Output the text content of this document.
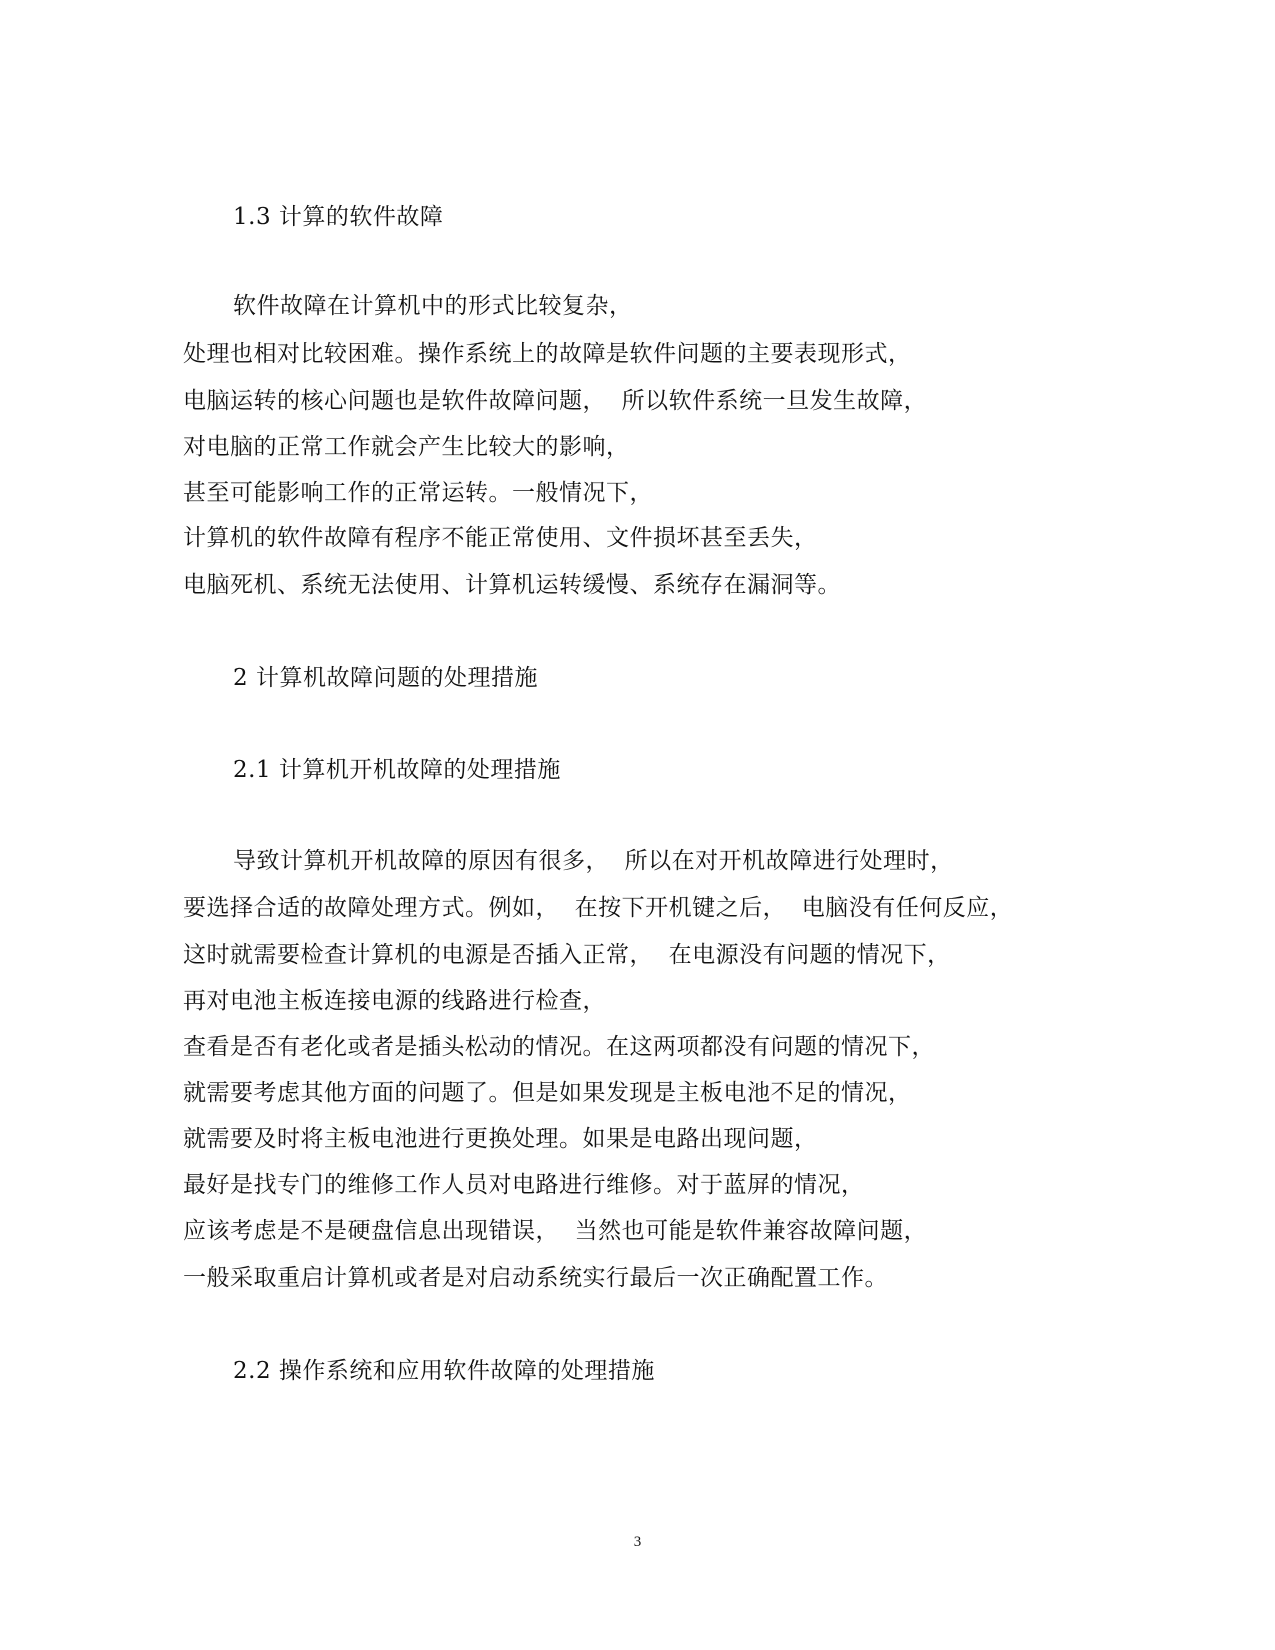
1.3 计算的软件故障
软件故障在计算机中的形式比较复杂，
处理也相对比较困难。操作系统上的故障是软件问题的主要表现形式，
电脑运转的核心问题也是软件故障问题，  所以软件系统一旦发生故障，
对电脑的正常工作就会产生比较大的影响，
甚至可能影响工作的正常运转。一般情况下，
计算机的软件故障有程序不能正常使用、文件损坏甚至丢失，
电脑死机、系统无法使用、计算机运转缓慢、系统存在漏洞等。
2 计算机故障问题的处理措施
2.1 计算机开机故障的处理措施
导致计算机开机故障的原因有很多，  所以在对开机故障进行处理时，
要选择合适的故障处理方式。例如，  在按下开机键之后，  电脑没有任何反应，
这时就需要检查计算机的电源是否插入正常，  在电源没有问题的情况下，
再对电池主板连接电源的线路进行检查，
查看是否有老化或者是插头松动的情况。在这两项都没有问题的情况下，
就需要考虑其他方面的问题了。但是如果发现是主板电池不足的情况，
就需要及时将主板电池进行更换处理。如果是电路出现问题，
最好是找专门的维修工作人员对电路进行维修。对于蓝屏的情况，
应该考虑是不是硬盘信息出现错误，  当然也可能是软件兼容故障问题，
一般采取重启计算机或者是对启动系统实行最后一次正确配置工作。
2.2 操作系统和应用软件故障的处理措施
3
